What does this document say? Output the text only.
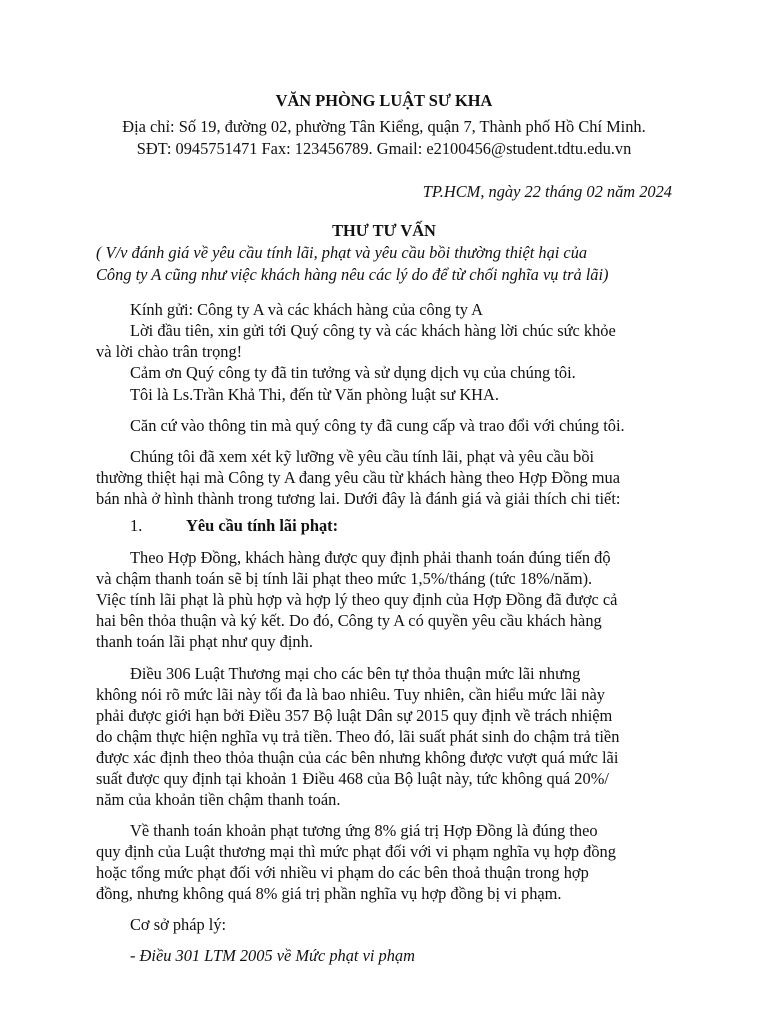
VĂN PHÒNG LUẬT SƯ KHA

Địa chỉ: Số 19, đường 02, phường Tân Kiểng, quận 7, Thành phố Hồ Chí Minh.

SĐT: 0945751471 Fax: 123456789. Gmail: e2100456@student.tdtu.edu.vn

TP.HCM, ngày 22 tháng 02 năm 2024

THƯ TƯ VẤN

( V/v đánh giá về yêu cầu tính lãi, phạt và yêu cầu bồi thường thiệt hại của

Công ty A cũng như việc khách hàng nêu các lý do để từ chối nghĩa vụ trả lãi)

Kính gửi: Công ty A và các khách hàng của công ty A

Lời đầu tiên, xin gửi tới Quý công ty và các khách hàng lời chúc sức khỏe

và lời chào trân trọng!

Cảm ơn Quý công ty đã tin tưởng và sử dụng dịch vụ của chúng tôi.

Tôi là Ls.Trần Khả Thi, đến từ Văn phòng luật sư KHA.

Căn cứ vào thông tin mà quý công ty đã cung cấp và trao đổi với chúng tôi.

Chúng tôi đã xem xét kỹ lưỡng về yêu cầu tính lãi, phạt và yêu cầu bồi

thường thiệt hại mà Công ty A đang yêu cầu từ khách hàng theo Hợp Đồng mua

bán nhà ở hình thành trong tương lai. Dưới đây là đánh giá và giải thích chi tiết:

1.	Yêu cầu tính lãi phạt:

Theo Hợp Đồng, khách hàng được quy định phải thanh toán đúng tiến độ

và chậm thanh toán sẽ bị tính lãi phạt theo mức 1,5%/tháng (tức 18%/năm).

Việc tính lãi phạt là phù hợp và hợp lý theo quy định của Hợp Đồng đã được cả

hai bên thỏa thuận và ký kết. Do đó, Công ty A có quyền yêu cầu khách hàng

thanh toán lãi phạt như quy định.

Điều 306 Luật Thương mại cho các bên tự thỏa thuận mức lãi nhưng

không nói rõ mức lãi này tối đa là bao nhiêu. Tuy nhiên, cần hiểu mức lãi này

phải được giới hạn bởi Điều 357 Bộ luật Dân sự 2015 quy định về trách nhiệm

do chậm thực hiện nghĩa vụ trả tiền. Theo đó, lãi suất phát sinh do chậm trả tiền

được xác định theo thỏa thuận của các bên nhưng không được vượt quá mức lãi

suất được quy định tại khoản 1 Điều 468 của Bộ luật này, tức không quá 20%/

năm của khoản tiền chậm thanh toán.

Về thanh toán khoản phạt tương ứng 8% giá trị Hợp Đồng là đúng theo

quy định của Luật thương mại thì mức phạt đối với vi phạm nghĩa vụ hợp đồng

hoặc tổng mức phạt đối với nhiều vi phạm do các bên thoả thuận trong hợp

đồng, nhưng không quá 8% giá trị phần nghĩa vụ hợp đồng bị vi phạm.

Cơ sở pháp lý:

- Điều 301 LTM 2005 về Mức phạt vi phạm
